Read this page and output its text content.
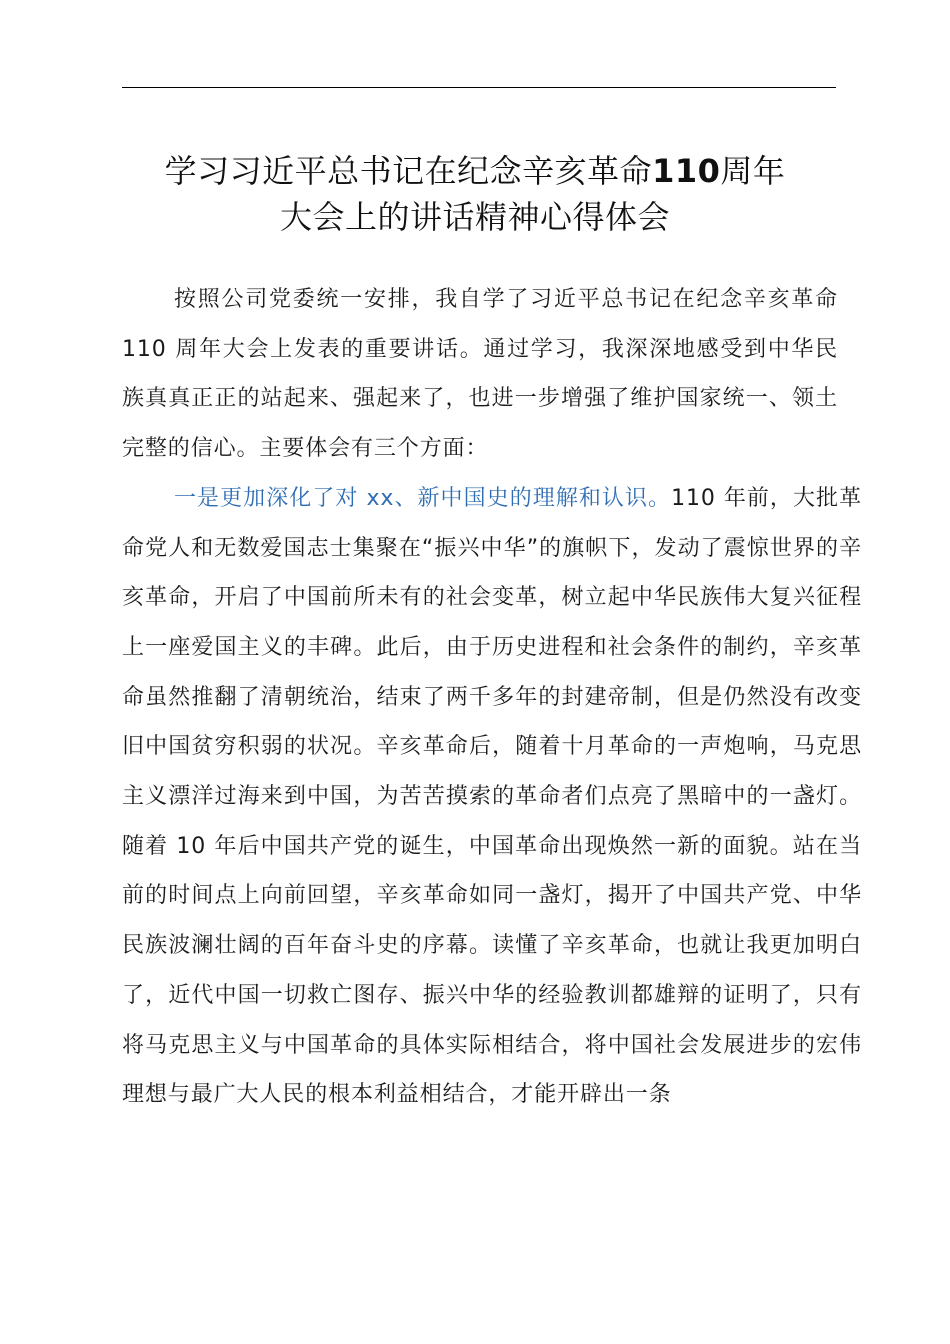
学习习近平总书记在纪念辛亥革命110周年
大会上的讲话精神心得体会

按照公司党委统一安排，我自学了习近平总书记在纪念辛亥革命 110 周年大会上发表的重要讲话。通过学习，我深深地感受到中华民族真真正正的站起来、强起来了，也进一步增强了维护国家统一、领土完整的信心。主要体会有三个方面：

一是更加深化了对 xx、新中国史的理解和认识。110 年前，大批革命党人和无数爱国志士集聚在“振兴中华”的旗帜下，发动了震惊世界的辛亥革命，开启了中国前所未有的社会变革，树立起中华民族伟大复兴征程上一座爱国主义的丰碑。此后，由于历史进程和社会条件的制约，辛亥革命虽然推翻了清朝统治，结束了两千多年的封建帝制，但是仍然没有改变旧中国贫穷积弱的状况。辛亥革命后，随着十月革命的一声炮响，马克思主义漂洋过海来到中国，为苦苦摸索的革命者们点亮了黑暗中的一盏灯。随着 10 年后中国共产党的诞生，中国革命出现焕然一新的面貌。站在当前的时间点上向前回望，辛亥革命如同一盏灯，揭开了中国共产党、中华民族波澜壮阔的百年奋斗史的序幕。读懂了辛亥革命，也就让我更加明白了，近代中国一切救亡图存、振兴中华的经验教训都雄辩的证明了，只有将马克思主义与中国革命的具体实际相结合，将中国社会发展进步的宏伟理想与最广大人民的根本利益相结合，才能开辟出一条
